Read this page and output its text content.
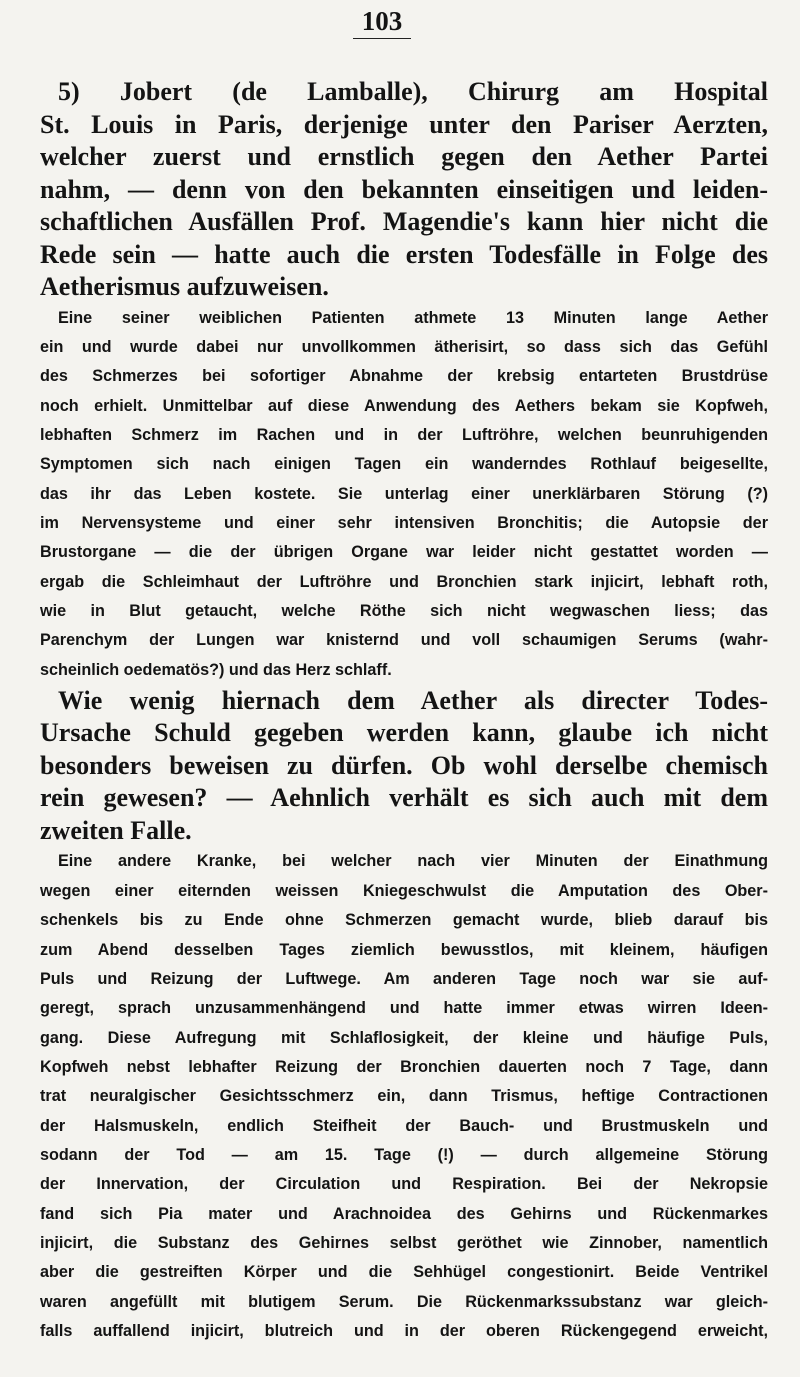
103

5) Jobert (de Lamballe), Chirurg am Hospital
St. Louis in Paris, derjenige unter den Pariser Aerzten,
welcher zuerst und ernstlich gegen den Aether Partei
nahm, — denn von den bekannten einseitigen und leiden-
schaftlichen Ausfällen Prof. Magendie's kann hier nicht die
Rede sein — hatte auch die ersten Todesfälle in Folge des
Aetherismus aufzuweisen.

Eine seiner weiblichen Patienten athmete 13 Minuten lange Aether
ein und wurde dabei nur unvollkommen ätherisirt, so dass sich das Gefühl
des Schmerzes bei sofortiger Abnahme der krebsig entarteten Brustdrüse
noch erhielt. Unmittelbar auf diese Anwendung des Aethers bekam sie Kopfweh,
lebhaften Schmerz im Rachen und in der Luftröhre, welchen beunruhigenden
Symptomen sich nach einigen Tagen ein wanderndes Rothlauf beigesellte,
das ihr das Leben kostete. Sie unterlag einer unerklärbaren Störung (?)
im Nervensysteme und einer sehr intensiven Bronchitis; die Autopsie der
Brustorgane — die der übrigen Organe war leider nicht gestattet worden —
ergab die Schleimhaut der Luftröhre und Bronchien stark injicirt, lebhaft roth,
wie in Blut getaucht, welche Röthe sich nicht wegwaschen liess; das
Parenchym der Lungen war knisternd und voll schaumigen Serums (wahr-
scheinlich oedematös?) und das Herz schlaff.

Wie wenig hiernach dem Aether als directer Todes-
Ursache Schuld gegeben werden kann, glaube ich nicht
besonders beweisen zu dürfen. Ob wohl derselbe chemisch
rein gewesen? — Aehnlich verhält es sich auch mit dem
zweiten Falle.

Eine andere Kranke, bei welcher nach vier Minuten der Einathmung
wegen einer eiternden weissen Kniegeschwulst die Amputation des Ober-
schenkels bis zu Ende ohne Schmerzen gemacht wurde, blieb darauf bis
zum Abend desselben Tages ziemlich bewusstlos, mit kleinem, häufigen
Puls und Reizung der Luftwege. Am anderen Tage noch war sie auf-
geregt, sprach unzusammenhängend und hatte immer etwas wirren Ideen-
gang. Diese Aufregung mit Schlaflosigkeit, der kleine und häufige Puls,
Kopfweh nebst lebhafter Reizung der Bronchien dauerten noch 7 Tage, dann
trat neuralgischer Gesichtsschmerz ein, dann Trismus, heftige Contractionen
der Halsmuskeln, endlich Steifheit der Bauch- und Brustmuskeln und
sodann der Tod — am 15. Tage (!) — durch allgemeine Störung
der Innervation, der Circulation und Respiration. Bei der Nekropsie
fand sich Pia mater und Arachnoidea des Gehirns und Rückenmarkes
injicirt, die Substanz des Gehirnes selbst geröthet wie Zinnober, namentlich
aber die gestreiften Körper und die Sehhügel congestionirt. Beide Ventrikel
waren angefüllt mit blutigem Serum. Die Rückenmarkssubstanz war gleich-
falls auffallend injicirt, blutreich und in der oberen Rückengegend erweicht,
